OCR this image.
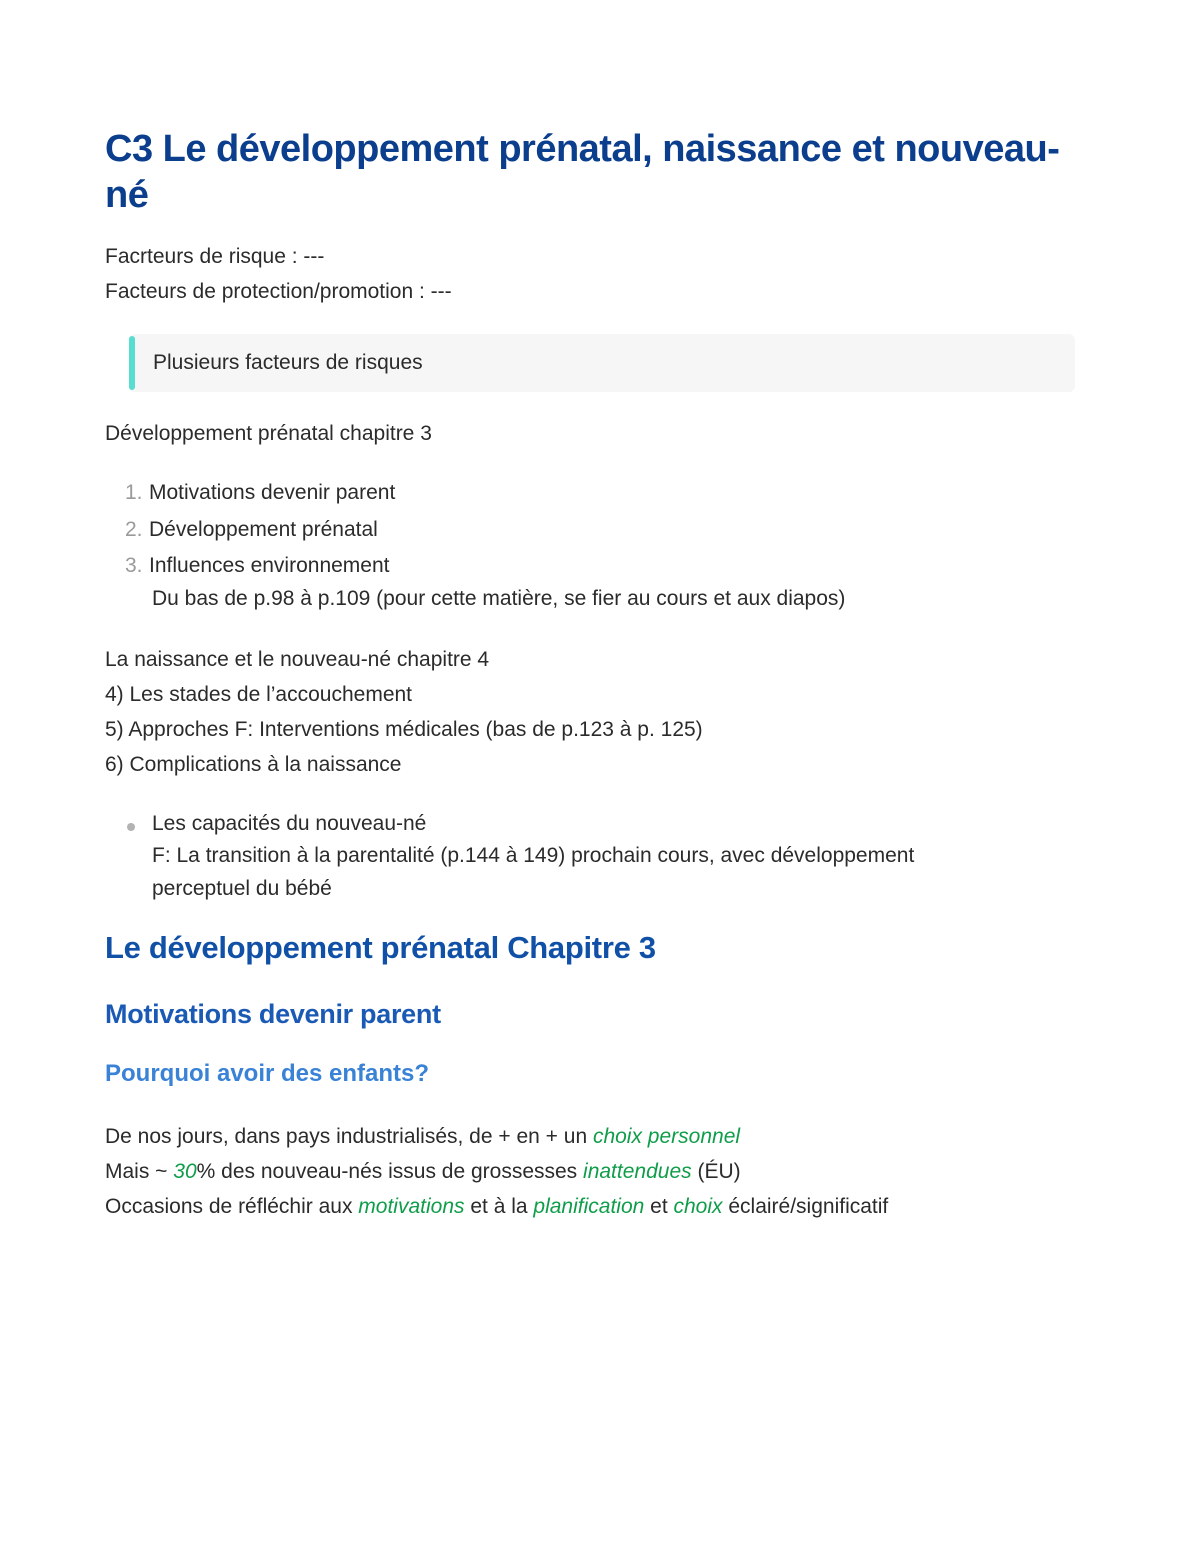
C3 Le développement prénatal, naissance et nouveau-né
Facrteurs de risque : ---
Facteurs de protection/promotion : ---
Plusieurs facteurs de risques
Développement prénatal chapitre 3
1. Motivations devenir parent
2. Développement prénatal
3. Influences environnement
Du bas de p.98 à p.109 (pour cette matière, se fier au cours et aux diapos)
La naissance et le nouveau-né chapitre 4
4) Les stades de l’accouchement
5) Approches F: Interventions médicales (bas de p.123 à p. 125)
6) Complications à la naissance
Les capacités du nouveau-né
F: La transition à la parentalité (p.144 à 149) prochain cours, avec développement
perceptuel du bébé
Le développement prénatal Chapitre 3
Motivations devenir parent
Pourquoi avoir des enfants?
De nos jours, dans pays industrialisés, de + en + un choix personnel
Mais ~ 30% des nouveau-nés issus de grossesses inattendues (ÉU)
Occasions de réfléchir aux motivations et à la planification et choix éclairé/significatif
